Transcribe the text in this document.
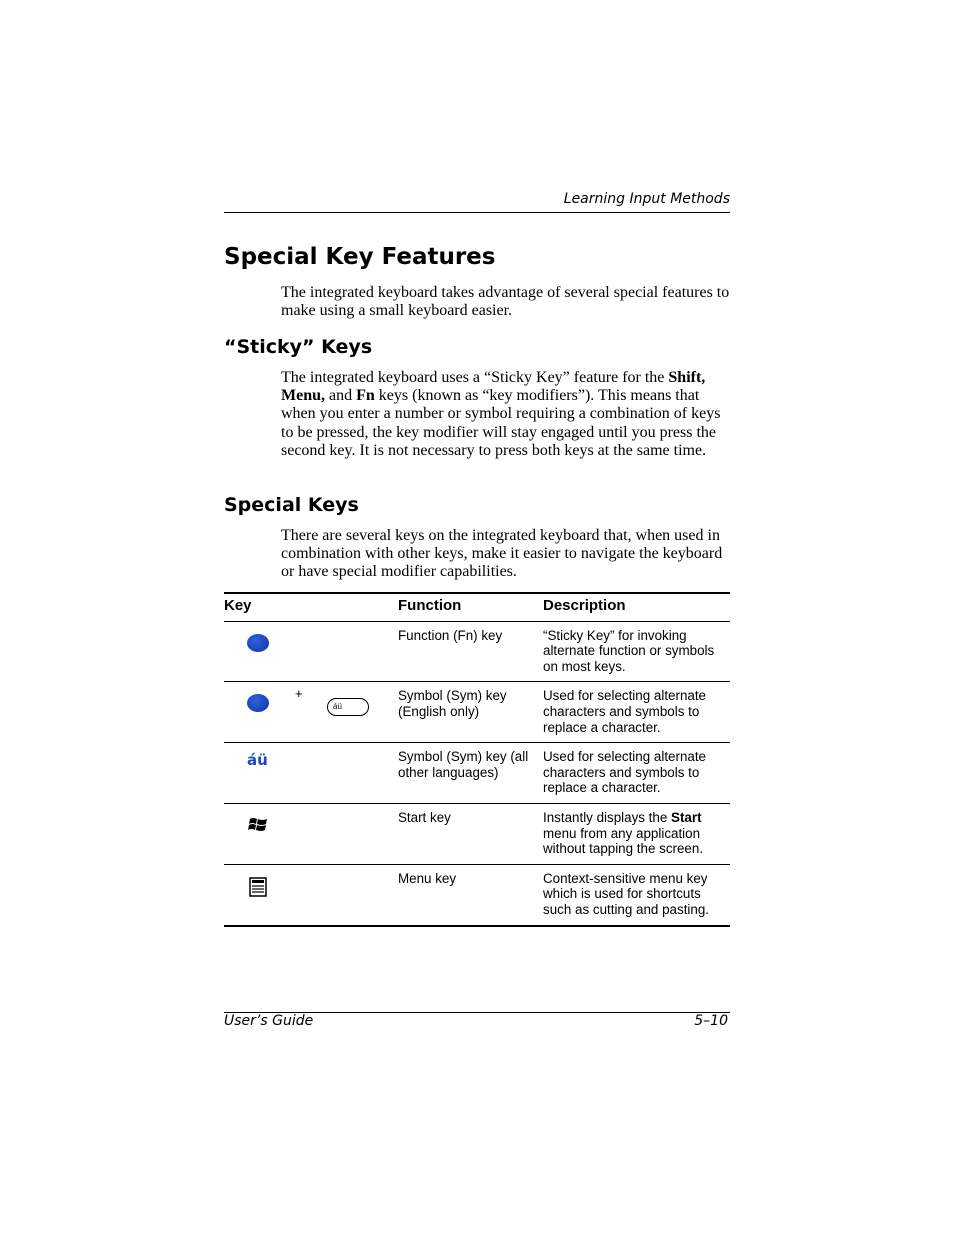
Learning Input Methods
Special Key Features

The integrated keyboard takes advantage of several special features to make using a small keyboard easier.

“Sticky” Keys

The integrated keyboard uses a “Sticky Key” feature for the Shift, Menu, and Fn keys (known as “key modifiers”). This means that when you enter a number or symbol requiring a combination of keys to be pressed, the key modifier will stay engaged until you press the second key. It is not necessary to press both keys at the same time.

Special Keys

There are several keys on the integrated keyboard that, when used in combination with other keys, make it easier to navigate the keyboard or have special modifier capabilities.

Key	Function	Description

	Function (Fn) key	“Sticky Key” for invoking alternate function or symbols on most keys.

+
áü	Symbol (Sym) key (English only)	Used for selecting alternate characters and symbols to replace a character.

áü	Symbol (Sym) key (all other languages)	Used for selecting alternate characters and symbols to replace a character.

	Start key	Instantly displays the Start menu from any application without tapping the screen.

	Menu key	Context-sensitive menu key which is used for shortcuts such as cutting and pasting.
User’s Guide	5–10
